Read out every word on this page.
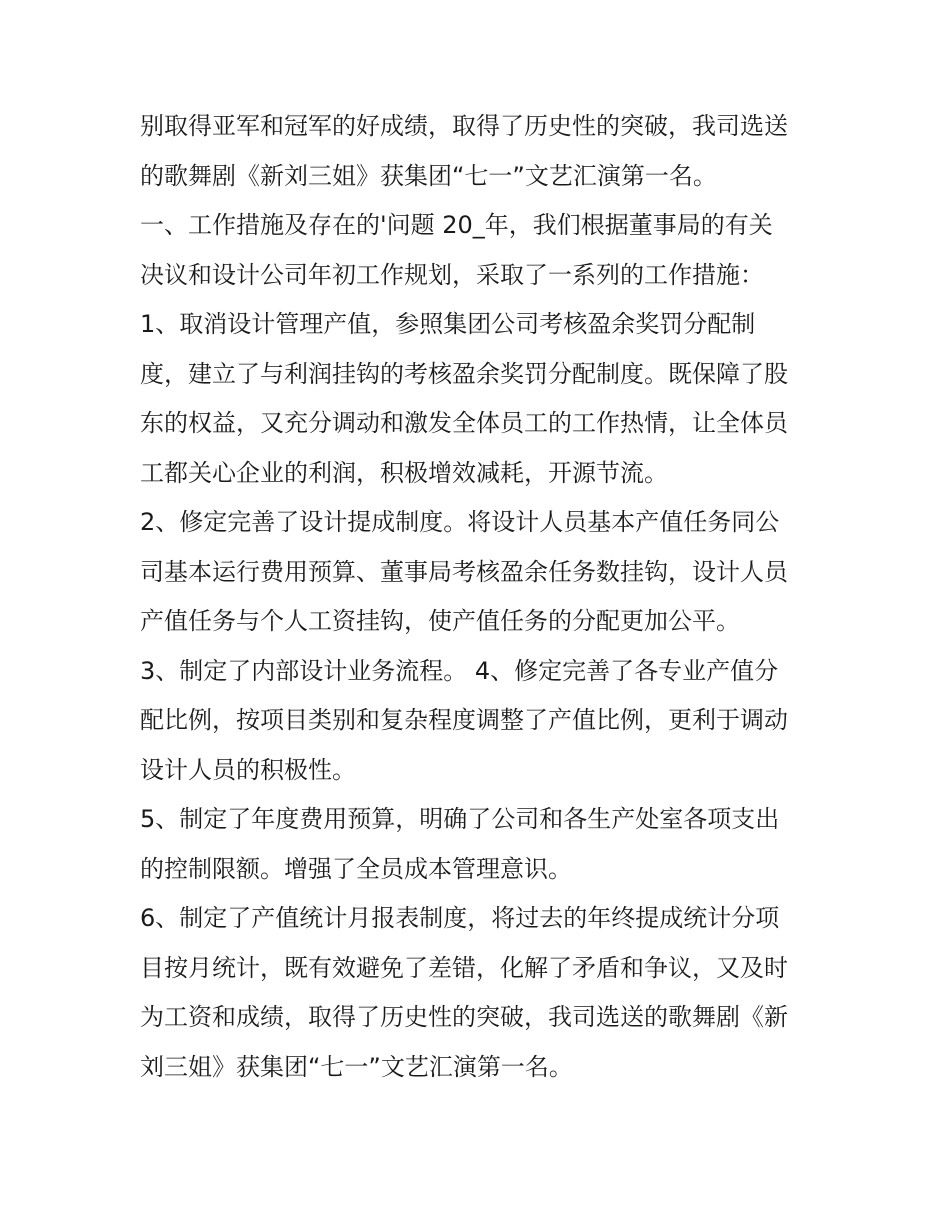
别取得亚军和冠军的好成绩，取得了历史性的突破，我司选送
的歌舞剧《新刘三姐》获集团“七一”文艺汇演第一名。
一、工作措施及存在的'问题 20_年，我们根据董事局的有关
决议和设计公司年初工作规划，采取了一系列的工作措施：
1、取消设计管理产值，参照集团公司考核盈余奖罚分配制
度，建立了与利润挂钩的考核盈余奖罚分配制度。既保障了股
东的权益，又充分调动和激发全体员工的工作热情，让全体员
工都关心企业的利润，积极增效减耗，开源节流。
2、修定完善了设计提成制度。将设计人员基本产值任务同公
司基本运行费用预算、董事局考核盈余任务数挂钩，设计人员
产值任务与个人工资挂钩，使产值任务的分配更加公平。
3、制定了内部设计业务流程。 4、修定完善了各专业产值分
配比例，按项目类别和复杂程度调整了产值比例，更利于调动
设计人员的积极性。
5、制定了年度费用预算，明确了公司和各生产处室各项支出
的控制限额。增强了全员成本管理意识。
6、制定了产值统计月报表制度，将过去的年终提成统计分项
目按月统计，既有效避免了差错，化解了矛盾和争议，又及时
为工资和成绩，取得了历史性的突破，我司选送的歌舞剧《新
刘三姐》获集团“七一”文艺汇演第一名。
